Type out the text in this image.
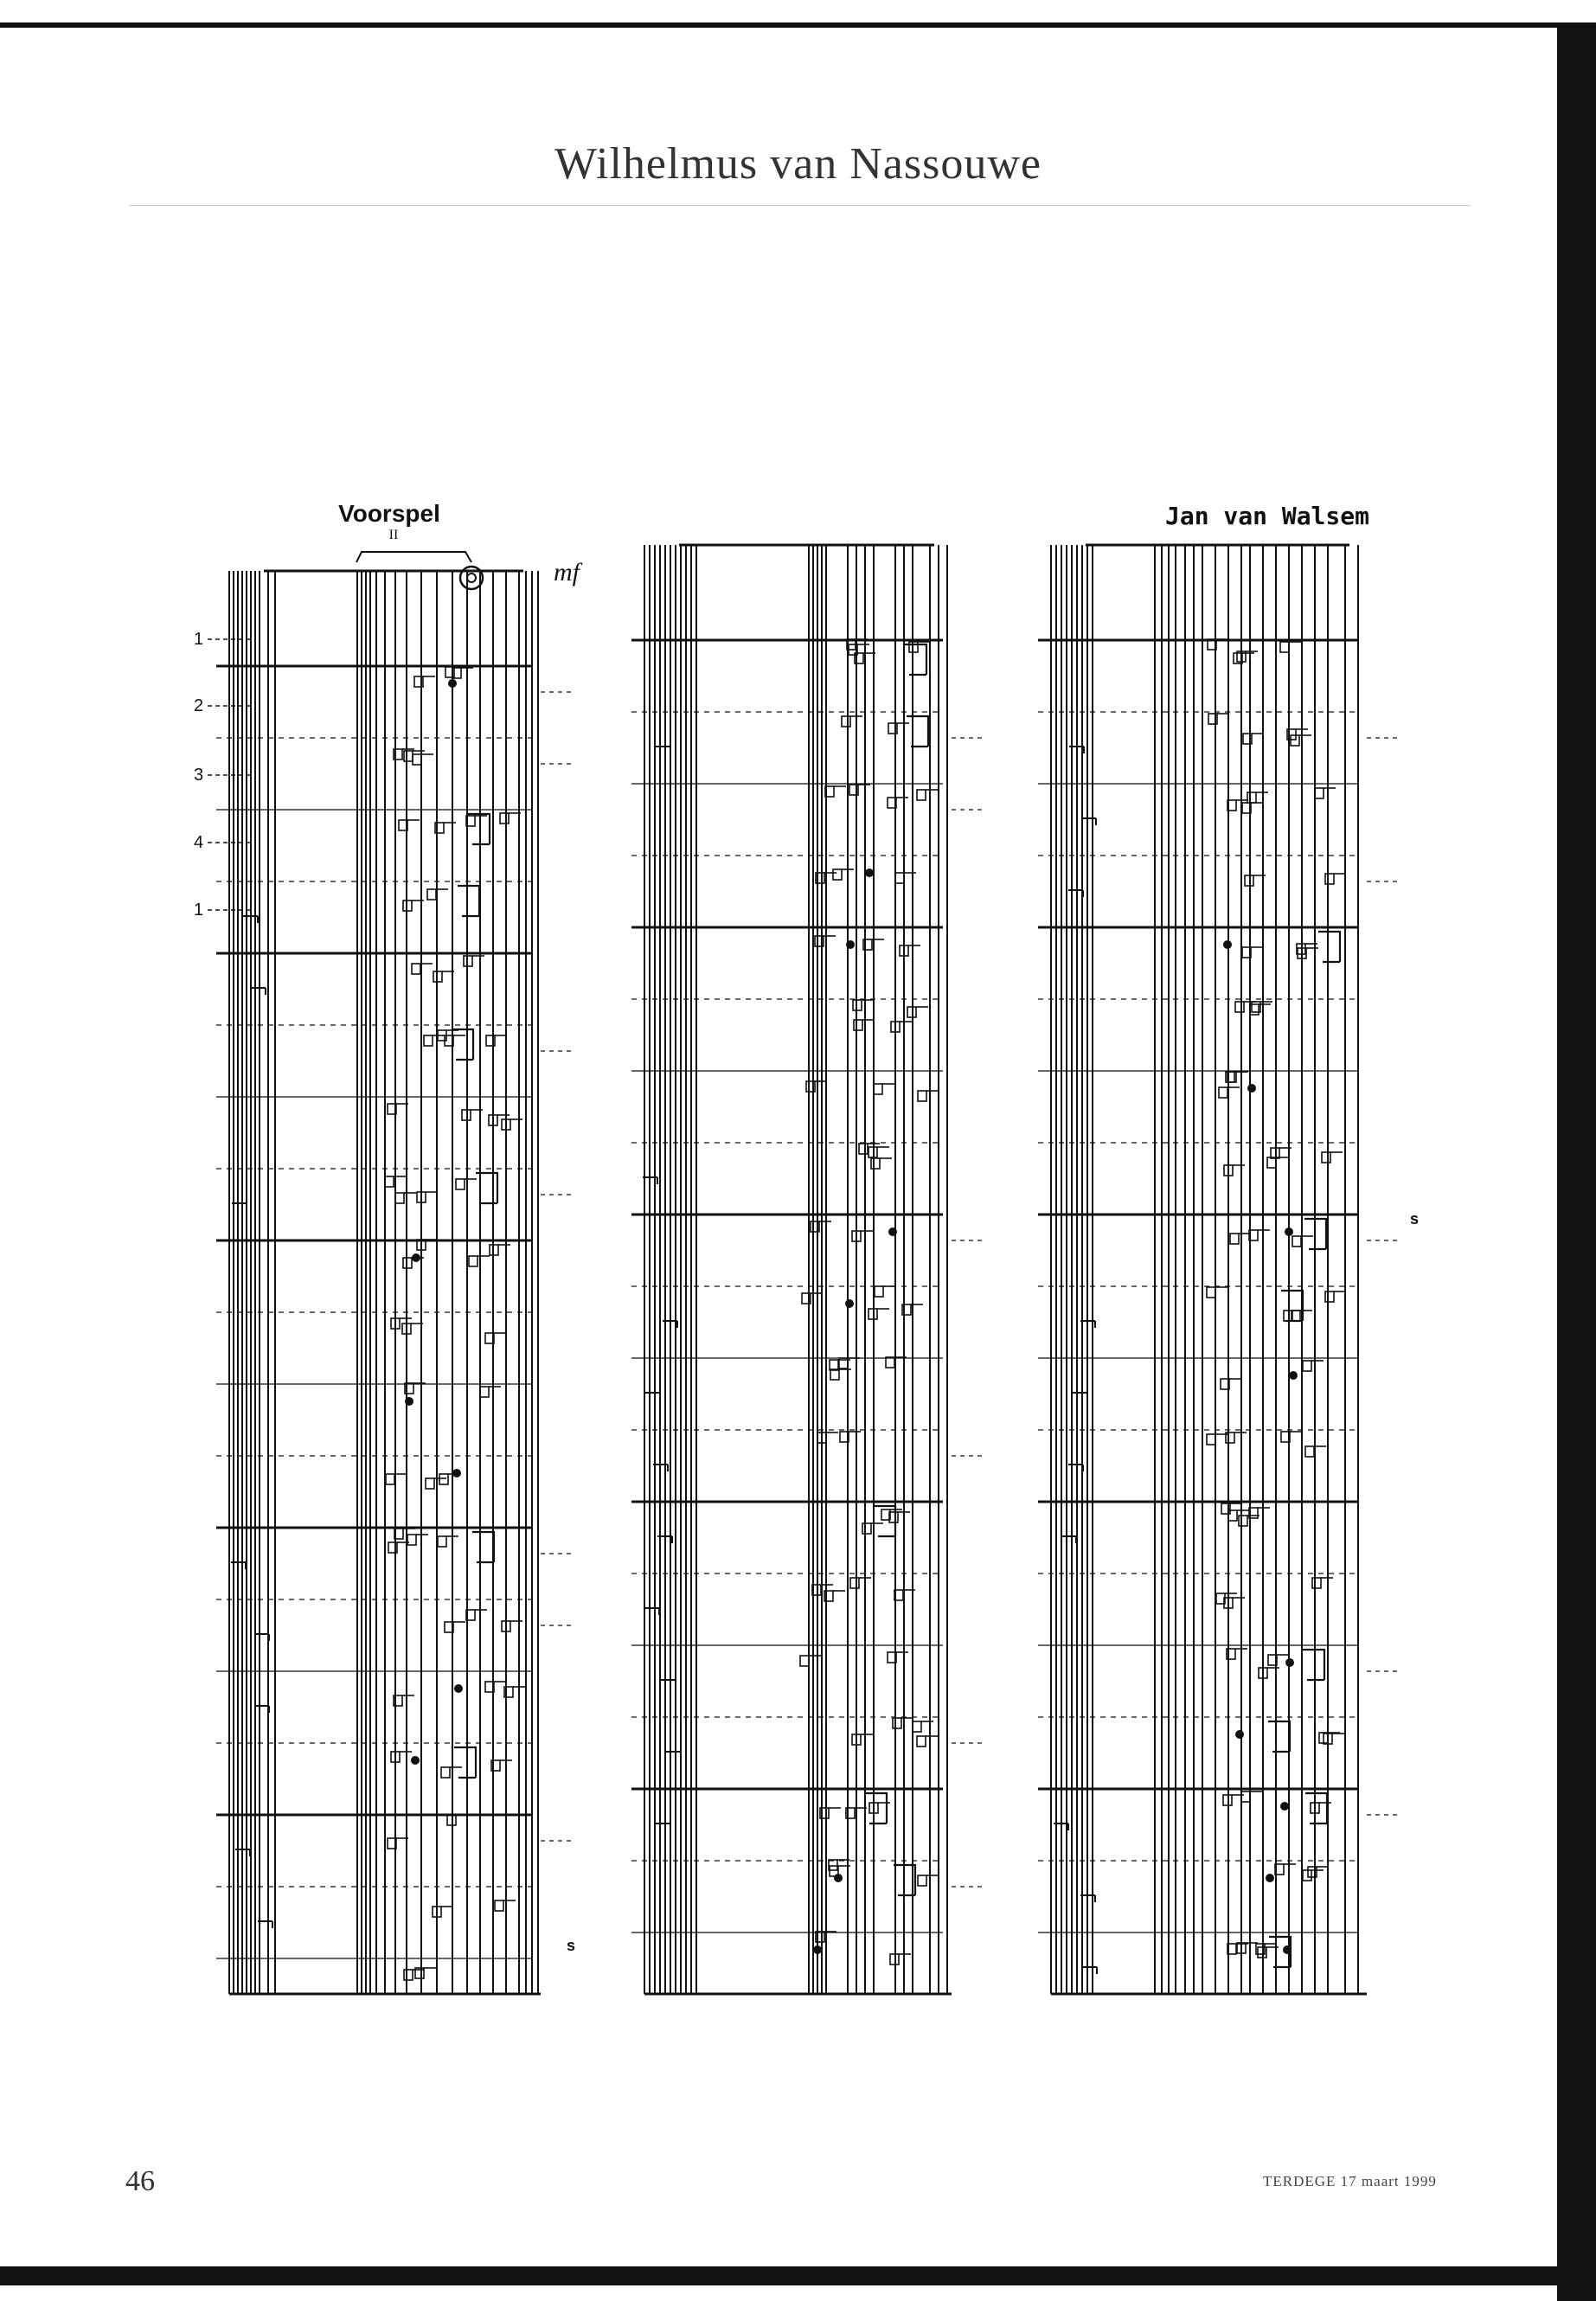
Wilhelmus van Nassouwe
Voorspel
II
mf
Jan van Walsem
1
2
3
4
1
s
s
46	TERDEGE 17 maart 1999
